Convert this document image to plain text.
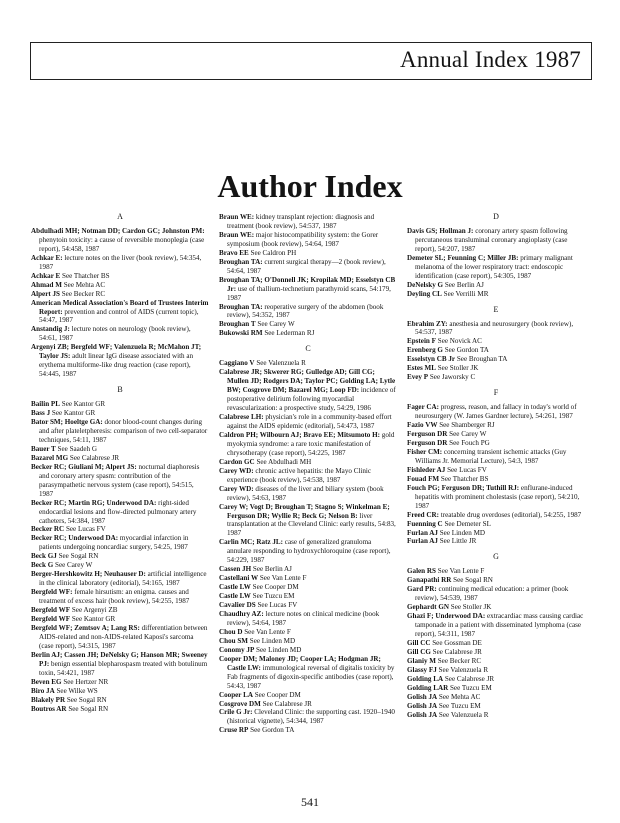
Annual Index 1987
Author Index
A
Abdulhadi MH; Notman DD; Cardon GC; Johnston PM: phenytoin toxicity: a cause of reversible monoplegia (case report), 54:458, 1987
Achkar E: lecture notes on the liver (book review), 54:354, 1987
Achkar E See Thatcher BS
Ahmad M See Mehta AC
Alpert JS See Becker RC
American Medical Association's Board of Trustees Interim Report: prevention and control of AIDS (current topic), 54:47, 1987
Anstandig J: lecture notes on neurology (book review), 54:61, 1987
Argenyi ZB; Bergfeld WF; Valenzuela R; McMahon JT; Taylor JS: adult linear IgG disease associated with an erythema multiforme-like drug reaction (case report), 54:445, 1987
B
Bailin PL See Kantor GR
Bass J See Kantor GR
Bator SM; Hoeltge GA: donor blood-count changes during and after plateletpheresis: comparison of two cell-separator techniques, 54:11, 1987
Bauer T See Saadeh G
Bazarel MG See Calabrese JR
Becker RC; Giuliani M; Alpert JS: nocturnal diaphoresis and coronary artery spasm: contribution of the parasympathetic nervous system (case report), 54:515, 1987
Becker RC; Martin RG; Underwood DA: right-sided endocardial lesions and flow-directed pulmonary artery catheters, 54:384, 1987
Becker RC See Lucas FV
Becker RC; Underwood DA: myocardial infarction in patients undergoing noncardiac surgery, 54:25, 1987
Beck GJ See Sogal RN
Beck G See Carey W
Berger-Hershkowitz H; Neuhauser D: artificial intelligence in the clinical laboratory (editorial), 54:165, 1987
Bergfeld WF: female hirsutism: an enigma. causes and treatment of excess hair (book review), 54:255, 1987
Bergfeld WF See Argenyi ZB
Bergfeld WF See Kantor GR
Bergfeld WF; Zemtsov A; Lang RS: differentiation between AIDS-related and non-AIDS-related Kaposi's sarcoma (case report), 54:315, 1987
Berlin AJ; Cassen JH; DeNelsky G; Hanson MR; Sweeney PJ: benign essential blepharospasm treated with botulinum toxin, 54:421, 1987
Beven EG See Hertzer NR
Biro JA See Wilke WS
Blakely PR See Sogal RN
Boutros AR See Sogal RN
Braun WE: kidney transplant rejection: diagnosis and treatment (book review), 54:537, 1987
Braun WE: major histocompatibility system: the Gorer symposium (book review), 54:64, 1987
Bravo EE See Caldron PH
Broughan TA: current surgical therapy—2 (book review), 54:64, 1987
Broughan TA; O'Donnell JK; Kropilak MD; Esselstyn CB Jr: use of thallium-technetium parathyroid scans, 54:179, 1987
Broughan TA: reoperative surgery of the abdomen (book review), 54:352, 1987
Broughan T See Carey W
Bukowski RM See Lederman RJ
C
Caggiano V See Valenzuela R
Calabrese JR; Skwerer RG; Gulledge AD; Gill CG; Mullen JD; Rodgers DA; Taylor PC; Golding LA; Lytle BW; Cosgrove DM; Bazarel MG; Loop FD: incidence of postoperative delirium following myocardial revascularization: a prospective study, 54:29, 1986
Calabrese LH: physician's role in a community-based effort against the AIDS epidemic (editorial), 54:473, 1987
Caldron PH; Wilbourn AJ; Bravo EE; Mitsumoto H: gold myokymia syndrome: a rare toxic manifestation of chrysotherapy (case report), 54:225, 1987
Cardon GC See Abdulhadi MH
Carey WD: chronic active hepatitis: the Mayo Clinic experience (book review), 54:538, 1987
Carey WD: diseases of the liver and biliary system (book review), 54:63, 1987
Carey W; Vogt D; Broughan T; Stagno S; Winkelman E; Ferguson DR; Wyllie R; Beck G; Nelson B: liver transplantation at the Cleveland Clinic: early results, 54:83, 1987
Carlin MC; Ratz JL: case of generalized granuloma annulare responding to hydroxychloroquine (case report), 54:229, 1987
Cassen JH See Berlin AJ
Castellani W See Van Lente F
Castle LW See Cooper DM
Castle LW See Tuzcu EM
Cavalier DS See Lucas FV
Chaudhry AZ: lecture notes on clinical medicine (book review), 54:64, 1987
Chou D See Van Lente F
Chou SM See Linden MD
Conomy JP See Linden MD
Cooper DM; Maloney JD; Cooper LA; Hodgman JR; Castle LW: immunological reversal of digitalis toxicity by Fab fragments of digoxin-specific antibodies (case report), 54:43, 1987
Cooper LA See Cooper DM
Cosgrove DM See Calabrese JR
Crile G Jr: Cleveland Clinic: the supporting cast. 1920–1940 (historical vignette), 54:344, 1987
Cruse RP See Gordon TA
D
Davis GS; Hollman J: coronary artery spasm following percutaneous transluminal coronary angioplasty (case report), 54:207, 1987
Demeter SL; Feunning C; Miller JB: primary malignant melanoma of the lower respiratory tract: endoscopic identification (case report), 54:305, 1987
DeNelsky G See Berlin AJ
Deyling CL See Verrilli MR
E
Ebrahim ZY: anesthesia and neurosurgery (book review), 54:537, 1987
Epstein F See Novick AC
Erenberg G See Gordon TA
Esselstyn CB Jr See Broughan TA
Estes ML See Stoller JK
Evey P See Jaworsky C
F
Fager CA: progress, reason, and fallacy in today's world of neurosurgery (W. James Gardner lecture), 54:261, 1987
Fazio VW See Shamberger RJ
Ferguson DR See Carey W
Ferguson DR See Fouch PG
Fisher CM: concerning transient ischemic attacks (Guy Williams Jr. Memorial Lecture), 54:3, 1987
Fishleder AJ See Lucas FV
Fouad FM See Thatcher BS
Fouch PG; Ferguson DR; Tuthill RJ: enflurane-induced hepatitis with prominent cholestasis (case report), 54:210, 1987
Freed CR: treatable drug overdoses (editorial), 54:255, 1987
Fuenning C See Demeter SL
Furlan AJ See Linden MD
Furlan AJ See Little JR
G
Galen RS See Van Lente F
Ganapathi RR See Sogal RN
Gard PR: continuing medical education: a primer (book review), 54:539, 1987
Gephardt GN See Stoller JK
Ghazi F; Underwood DA: extracardiac mass causing cardiac tamponade in a patient with disseminated lymphoma (case report), 54:311, 1987
Gill CC See Gossman DE
Gill CG See Calabrese JR
Glaniy M See Becker RC
Glassy FJ See Valenzuela R
Golding LA See Calabrese JR
Golding LAR See Tuzcu EM
Golish JA See Mehta AC
Golish JA See Tuzcu EM
Golish JA See Valenzuela R
541
